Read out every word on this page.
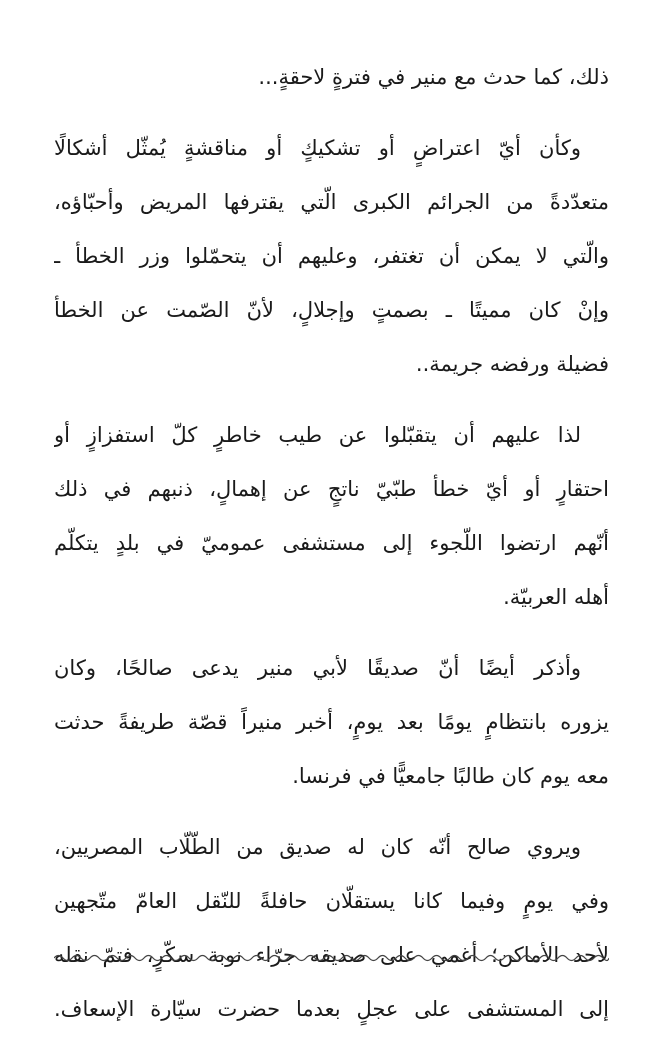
ذلك، كما حدث مع منير في فترةٍ لاحقةٍ...

وكأن أيّ اعتراضٍ أو تشكيكٍ أو مناقشةٍ يُمثّل أشكالًا
متعدّدةً من الجرائم الكبرى الّتي يقترفها المريض وأحبّاؤه،
والّتي لا يمكن أن تغتفر، وعليهم أن يتحمّلوا وزر الخطأ ـ
وإنْ كان مميتًا ـ بصمتٍ وإجلالٍ، لأنّ الصّمت عن الخطأ
فضيلة ورفضه جريمة..

لذا عليهم أن يتقبّلوا عن طيب خاطرٍ كلّ استفزازٍ أو
احتقارٍ أو أيّ خطأ طبّيّ ناتجٍ عن إهمالٍ، ذنبهم في ذلك
أنّهم ارتضوا اللّجوء إلى مستشفى عموميّ في بلدٍ يتكلّم
أهله العربيّة.

وأذكر أيضًا أنّ صديقًا لأبي منير يدعى صالحًا، وكان
يزوره بانتظامٍ يومًا بعد يومٍ، أخبر منيراً قصّة طريفةً حدثت
معه يوم كان طالبًا جامعيًّا في فرنسا.

ويروي صالح أنّه كان له صديق من الطّلّاب المصريين،
وفي يومٍ وفيما كانا يستقلّان حافلةً للنّقل العامّ متّجهين
لأحد الأماكن؛ أغمي على صديقه جرّاء نوبة سكّرٍ، فتمّ نقله
إلى المستشفى على عجلٍ بعدما حضرت سيّارة الإسعاف.
